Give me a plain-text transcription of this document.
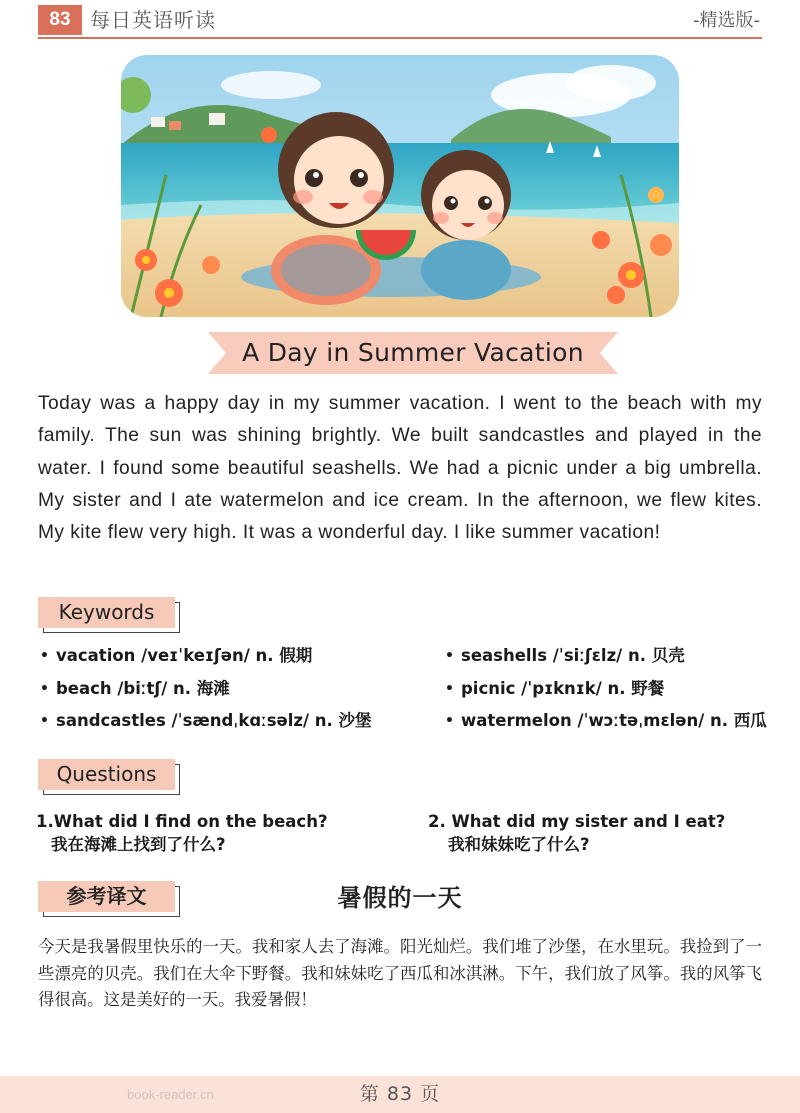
83 每日英语听读	-精选版-
A Day in Summer Vacation
Today was a happy day in my summer vacation. I went to the beach with my family. The sun was shining brightly. We built sandcastles and played in the water. I found some beautiful seashells. We had a picnic under a big umbrella. My sister and I ate watermelon and ice cream. In the afternoon, we flew kites. My kite flew very high. It was a wonderful day. I like summer vacation!
Keywords
• vacation /veɪˈkeɪʃən/ n. 假期
• beach /biːtʃ/ n. 海滩
• sandcastles /ˈsændˌkɑːsəlz/ n. 沙堡
• seashells /ˈsiːʃɛlz/ n. 贝壳
• picnic /ˈpɪknɪk/ n. 野餐
• watermelon /ˈwɔːtəˌmɛlən/ n. 西瓜
Questions
1.What did I find on the beach?
我在海滩上找到了什么?
2. What did my sister and I eat?
我和妹妹吃了什么?
参考译文	暑假的一天
今天是我暑假里快乐的一天。我和家人去了海滩。阳光灿烂。我们堆了沙堡，在水里玩。我捡到了一些漂亮的贝壳。我们在大伞下野餐。我和妹妹吃了西瓜和冰淇淋。下午，我们放了风筝。我的风筝飞得很高。这是美好的一天。我爱暑假！
book-reader.cn	第 83 页
